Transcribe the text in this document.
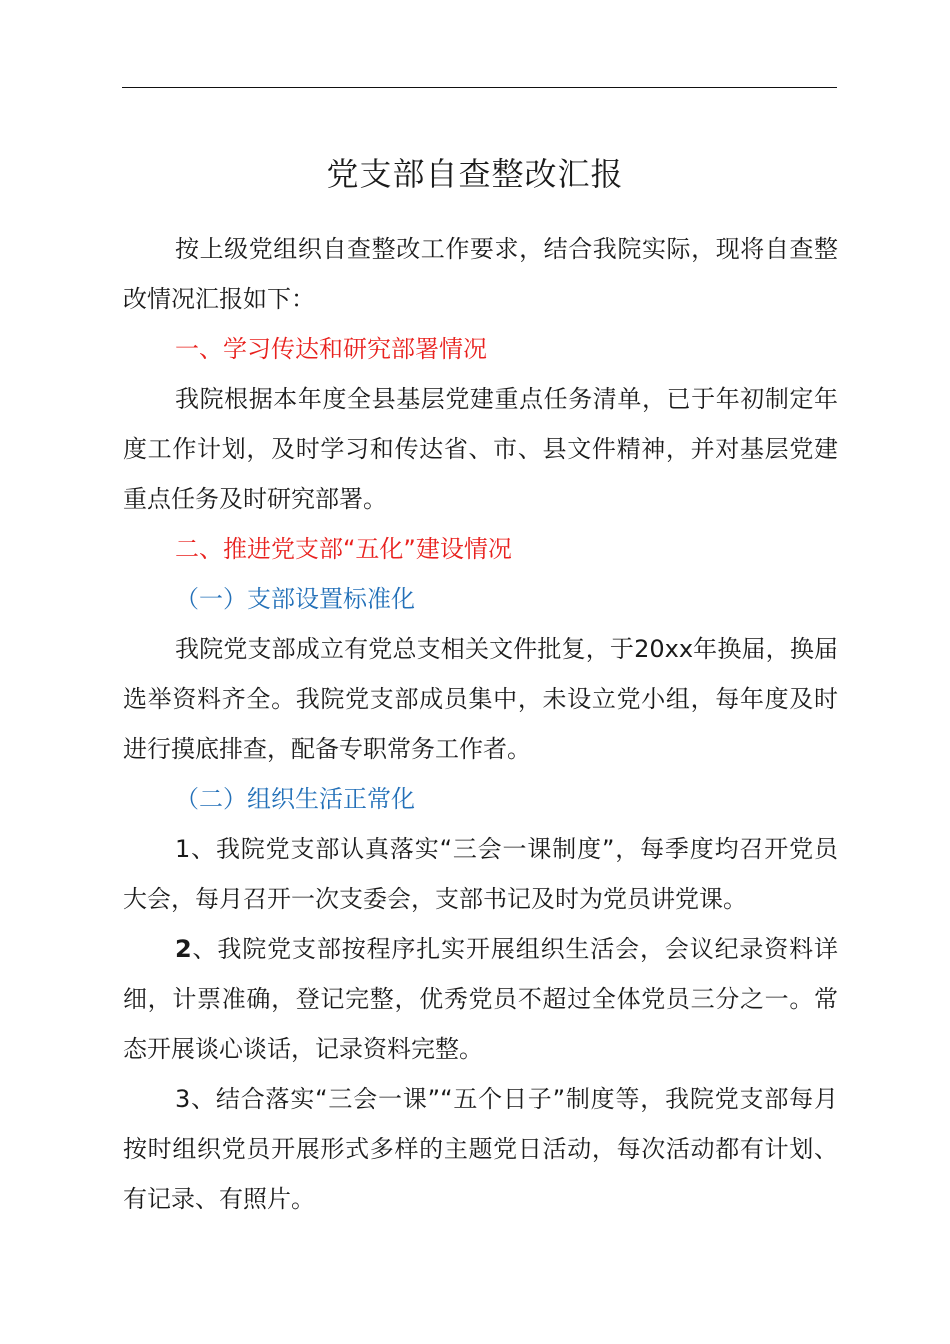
党支部自查整改汇报

按上级党组织自查整改工作要求，结合我院实际，现将自查整改情况汇报如下：

一、学习传达和研究部署情况

我院根据本年度全县基层党建重点任务清单，已于年初制定年度工作计划，及时学习和传达省、市、县文件精神，并对基层党建重点任务及时研究部署。

二、推进党支部“五化”建设情况

（一）支部设置标准化

我院党支部成立有党总支相关文件批复，于20xx年换届，换届选举资料齐全。我院党支部成员集中，未设立党小组，每年度及时进行摸底排查，配备专职常务工作者。

（二）组织生活正常化

1、我院党支部认真落实“三会一课制度”，每季度均召开党员大会，每月召开一次支委会，支部书记及时为党员讲党课。

2、我院党支部按程序扎实开展组织生活会，会议纪录资料详细，计票准确，登记完整，优秀党员不超过全体党员三分之一。常态开展谈心谈话，记录资料完整。

3、结合落实“三会一课”“五个日子”制度等，我院党支部每月按时组织党员开展形式多样的主题党日活动，每次活动都有计划、有记录、有照片。
